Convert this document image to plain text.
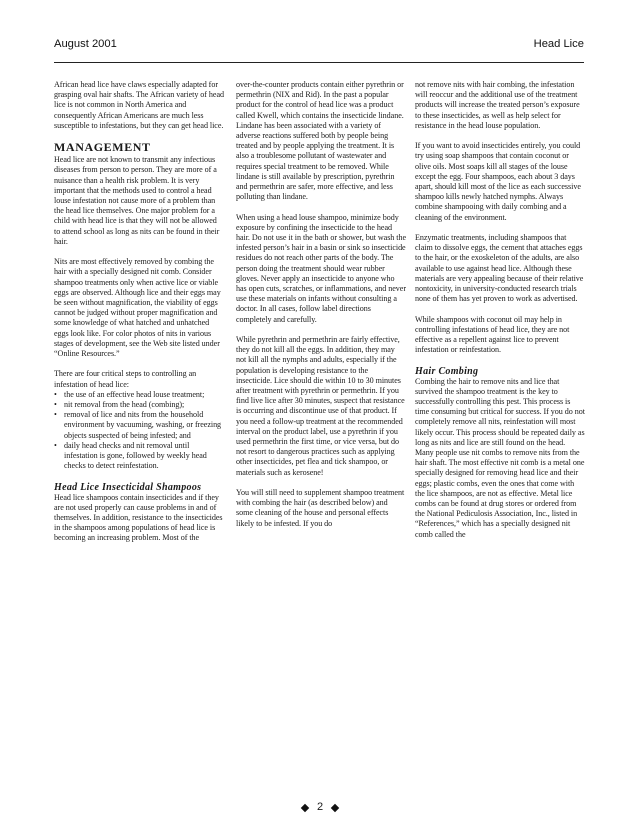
August 2001	Head Lice

African head lice have claws especially adapted for grasping oval hair shafts. The African variety of head lice is not common in North America and consequently African Americans are much less susceptible to infestations, but they can get head lice.

MANAGEMENT

Head lice are not known to transmit any infectious diseases from person to person. They are more of a nuisance than a health risk problem. It is very important that the methods used to control a head louse infestation not cause more of a problem than the head lice themselves. One major problem for a child with head lice is that they will not be allowed to attend school as long as nits can be found in their hair.

Nits are most effectively removed by combing the hair with a specially designed nit comb. Consider shampoo treatments only when active lice or viable eggs are observed. Although lice and their eggs may be seen without magnification, the viability of eggs cannot be judged without proper magnification and some knowledge of what hatched and unhatched eggs look like. For color photos of nits in various stages of development, see the Web site listed under “Online Resources.”

There are four critical steps to controlling an infestation of head lice:

• the use of an effective head louse treatment;
• nit removal from the head (combing);
• removal of lice and nits from the household environment by vacuuming, washing, or freezing objects suspected of being infested; and
• daily head checks and nit removal until infestation is gone, followed by weekly head checks to detect reinfestation.
Head Lice Insecticidal Shampoos

Head lice shampoos contain insecticides and if they are not used properly can cause problems in and of themselves. In addition, resistance to the insecticides in the shampoos among populations of head lice is becoming an increasing problem. Most of the

over-the-counter products contain either pyrethrin or permethrin (NIX and Rid). In the past a popular product for the control of head lice was a product called Kwell, which contains the insecticide lindane. Lindane has been associated with a variety of adverse reactions suffered both by people being treated and by people applying the treatment. It is also a troublesome pollutant of wastewater and requires special treatment to be removed. While lindane is still available by prescription, pyrethrin and permethrin are safer, more effective, and less polluting than lindane.

When using a head louse shampoo, minimize body exposure by confining the insecticide to the head hair. Do not use it in the bath or shower, but wash the infested person’s hair in a basin or sink so insecticide residues do not reach other parts of the body. The person doing the treatment should wear rubber gloves. Never apply an insecticide to anyone who has open cuts, scratches, or inflammations, and never use these materials on infants without consulting a doctor. In all cases, follow label directions completely and carefully.

While pyrethrin and permethrin are fairly effective, they do not kill all the eggs. In addition, they may not kill all the nymphs and adults, especially if the population is developing resistance to the insecticide. Lice should die within 10 to 30 minutes after treatment with pyrethrin or permethrin. If you find live lice after 30 minutes, suspect that resistance is occurring and discontinue use of that product. If you need a follow-up treatment at the recommended interval on the product label, use a pyrethrin if you used permethrin the first time, or vice versa, but do not resort to dangerous practices such as applying other insecticides, pet flea and tick shampoo, or materials such as kerosene!

You will still need to supplement shampoo treatment with combing the hair (as described below) and some cleaning of the house and personal effects likely to be infested. If you do

not remove nits with hair combing, the infestation will reoccur and the additional use of the treatment products will increase the treated person’s exposure to these insecticides, as well as help select for resistance in the head louse population.

If you want to avoid insecticides entirely, you could try using soap shampoos that contain coconut or olive oils. Most soaps kill all stages of the louse except the egg. Four shampoos, each about 3 days apart, should kill most of the lice as each successive shampoo kills newly hatched nymphs. Always combine shampooing with daily combing and a cleaning of the environment.

Enzymatic treatments, including shampoos that claim to dissolve eggs, the cement that attaches eggs to the hair, or the exoskeleton of the adults, are also available to use against head lice. Although these materials are very appealing because of their relative nontoxicity, in university-conducted research trials none of them has yet proven to work as advertised.

While shampoos with coconut oil may help in controlling infestations of head lice, they are not effective as a repellent against lice to prevent infestation or reinfestation.

Hair Combing

Combing the hair to remove nits and lice that survived the shampoo treatment is the key to successfully controlling this pest. This process is time consuming but critical for success. If you do not completely remove all nits, reinfestation will most likely occur. This process should be repeated daily as long as nits and lice are still found on the head. Many people use nit combs to remove nits from the hair shaft. The most effective nit comb is a metal one specially designed for removing head lice and their eggs; plastic combs, even the ones that come with the lice shampoos, are not as effective. Metal lice combs can be found at drug stores or ordered from the National Pediculosis Association, Inc., listed in “References,” which has a specially designed nit comb called the

2
